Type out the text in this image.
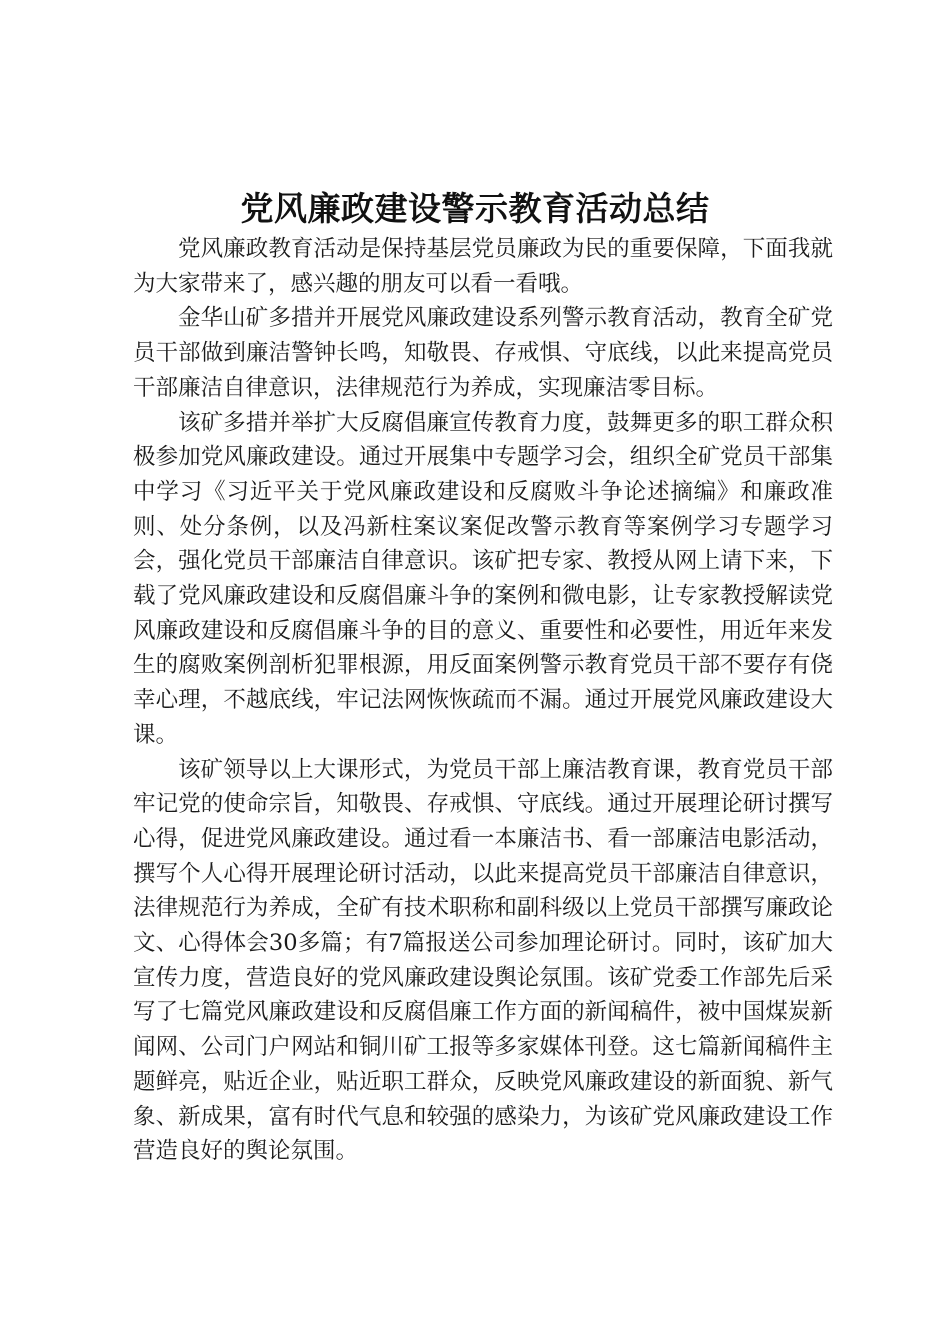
党风廉政建设警示教育活动总结

党风廉政教育活动是保持基层党员廉政为民的重要保障，下面我就为大家带来了，感兴趣的朋友可以看一看哦。

金华山矿多措并开展党风廉政建设系列警示教育活动，教育全矿党员干部做到廉洁警钟长鸣，知敬畏、存戒惧、守底线，以此来提高党员干部廉洁自律意识，法律规范行为养成，实现廉洁零目标。

该矿多措并举扩大反腐倡廉宣传教育力度，鼓舞更多的职工群众积极参加党风廉政建设。通过开展集中专题学习会，组织全矿党员干部集中学习《习近平关于党风廉政建设和反腐败斗争论述摘编》和廉政准则、处分条例，以及冯新柱案议案促改警示教育等案例学习专题学习会，强化党员干部廉洁自律意识。该矿把专家、教授从网上请下来，下载了党风廉政建设和反腐倡廉斗争的案例和微电影，让专家教授解读党风廉政建设和反腐倡廉斗争的目的意义、重要性和必要性，用近年来发生的腐败案例剖析犯罪根源，用反面案例警示教育党员干部不要存有侥幸心理，不越底线，牢记法网恢恢疏而不漏。通过开展党风廉政建设大课。

该矿领导以上大课形式，为党员干部上廉洁教育课，教育党员干部牢记党的使命宗旨，知敬畏、存戒惧、守底线。通过开展理论研讨撰写心得，促进党风廉政建设。通过看一本廉洁书、看一部廉洁电影活动，撰写个人心得开展理论研讨活动，以此来提高党员干部廉洁自律意识，法律规范行为养成，全矿有技术职称和副科级以上党员干部撰写廉政论文、心得体会30多篇；有7篇报送公司参加理论研讨。同时，该矿加大宣传力度，营造良好的党风廉政建设舆论氛围。该矿党委工作部先后采写了七篇党风廉政建设和反腐倡廉工作方面的新闻稿件，被中国煤炭新闻网、公司门户网站和铜川矿工报等多家媒体刊登。这七篇新闻稿件主题鲜亮，贴近企业，贴近职工群众，反映党风廉政建设的新面貌、新气象、新成果，富有时代气息和较强的感染力，为该矿党风廉政建设工作营造良好的舆论氛围。
